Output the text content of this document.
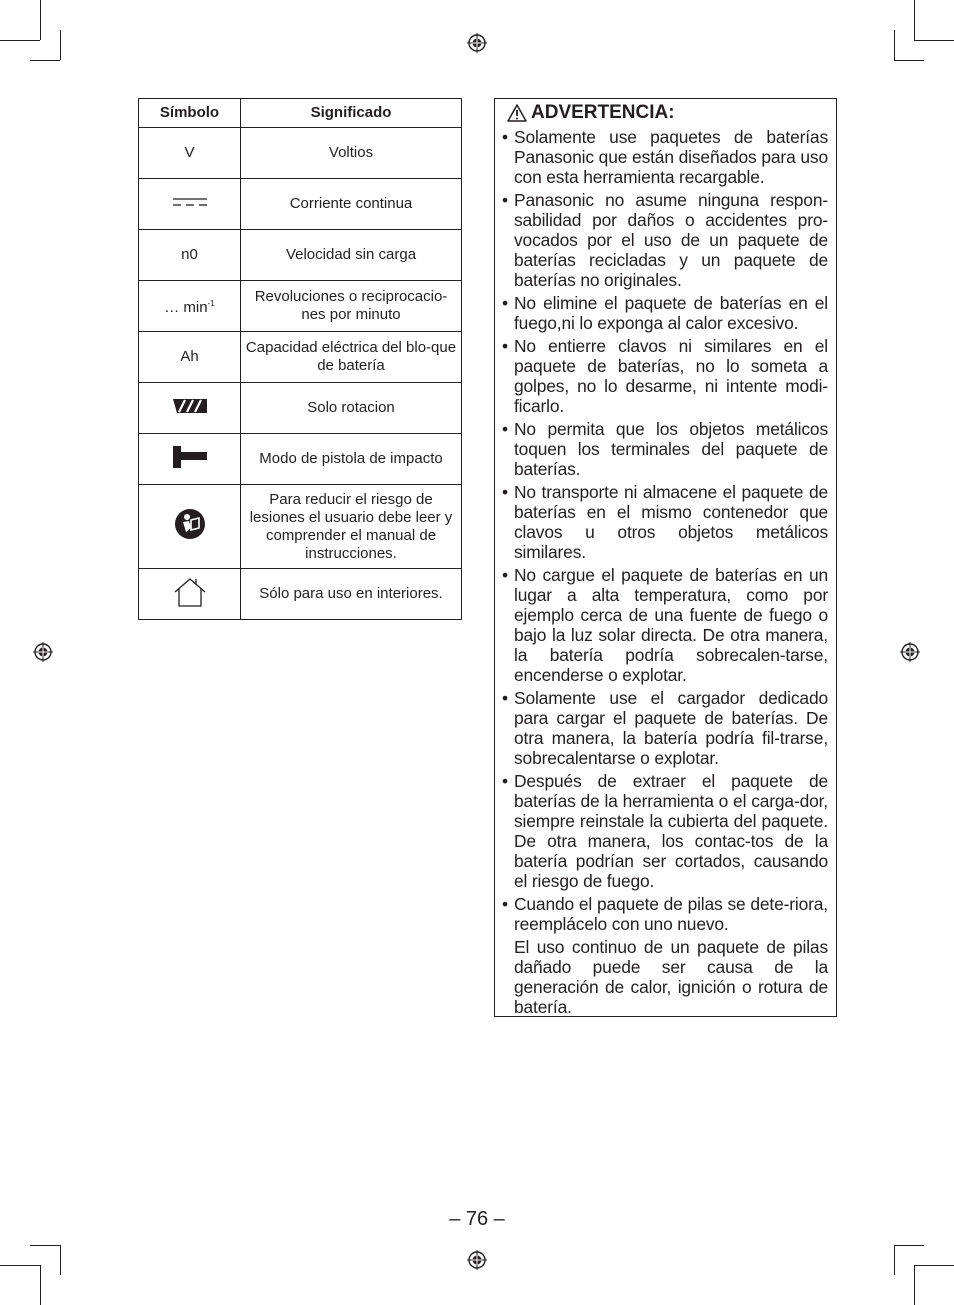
Símbolo	Significado
V	Voltios
	Corriente continua
n0	Velocidad sin carga
… $\min^{-1}$	Revoluciones o reciprocacio-nes por minuto
Ah	Capacidad eléctrica del blo-que de batería
	Solo rotacion
	Modo de pistola de impacto
	Para reducir el riesgo de lesiones el usuario debe leer y comprender el manual de instrucciones.
	Sólo para uso en interiores.
ADVERTENCIA:
• Solamente use paquetes de baterías Panasonic que están diseñados para uso con esta herramienta recargable.
• Panasonic no asume ninguna respon-sabilidad por daños o accidentes pro-vocados por el uso de un paquete de baterías recicladas y un paquete de baterías no originales.
• No elimine el paquete de baterías en el fuego,ni lo exponga al calor excesivo.
• No entierre clavos ni similares en el paquete de baterías, no lo someta a golpes, no lo desarme, ni intente modi-ficarlo.
• No permita que los objetos metálicos toquen los terminales del paquete de baterías.
• No transporte ni almacene el paquete de baterías en el mismo contenedor que clavos u otros objetos metálicos similares.
• No cargue el paquete de baterías en un lugar a alta temperatura, como por ejemplo cerca de una fuente de fuego o bajo la luz solar directa. De otra manera, la batería podría sobrecalen-tarse, encenderse o explotar.
• Solamente use el cargador dedicado para cargar el paquete de baterías. De otra manera, la batería podría fil-trarse, sobrecalentarse o explotar.
• Después de extraer el paquete de baterías de la herramienta o el carga-dor, siempre reinstale la cubierta del paquete. De otra manera, los contac-tos de la batería podrían ser cortados, causando el riesgo de fuego.
• Cuando el paquete de pilas se dete-riora, reemplácelo con uno nuevo.
El uso continuo de un paquete de pilas dañado puede ser causa de la generación de calor, ignición o rotura de batería.
– 76 –
